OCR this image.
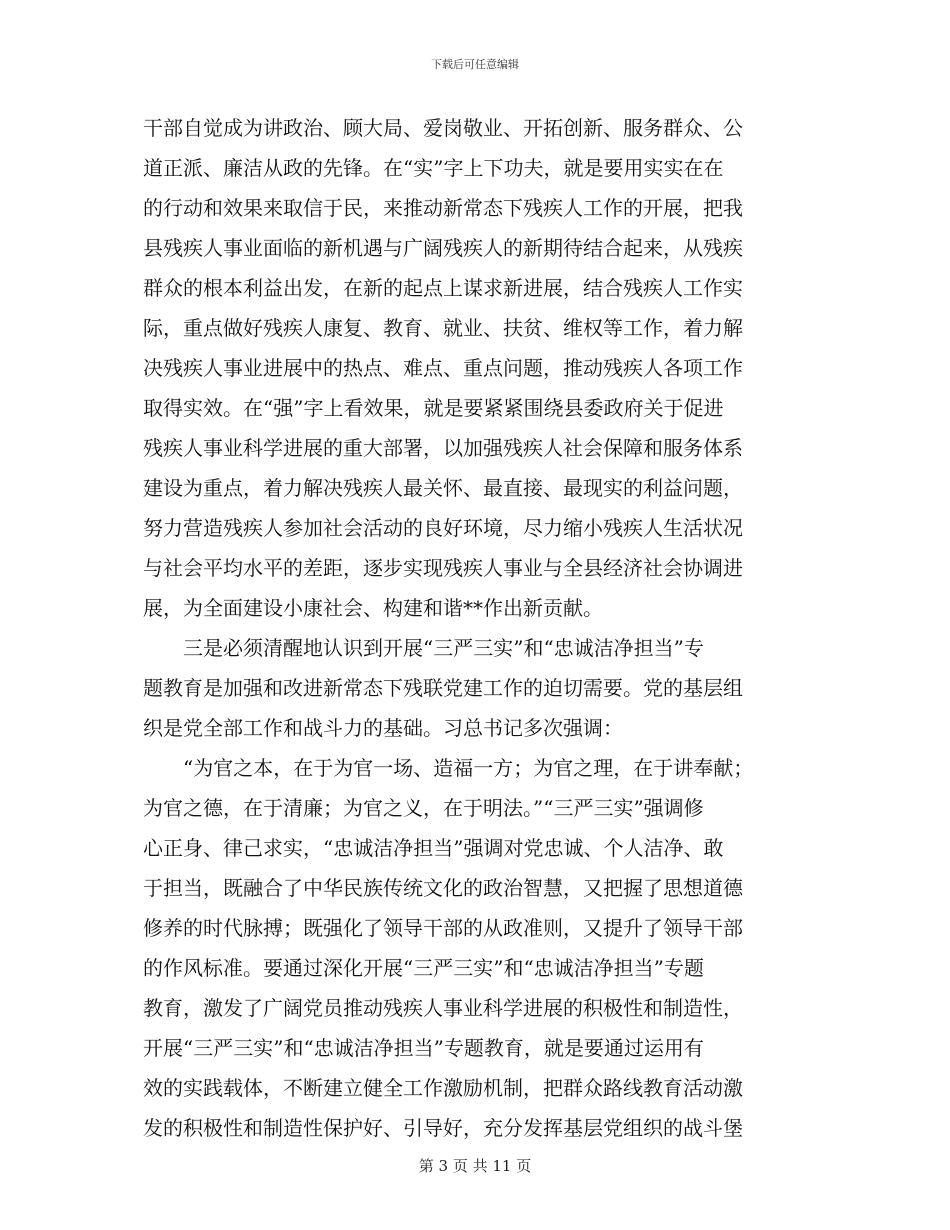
下载后可任意编辑
干部自觉成为讲政治、顾大局、爱岗敬业、开拓创新、服务群众、公
道正派、廉洁从政的先锋。在“实”字上下功夫，就是要用实实在在
的行动和效果来取信于民，来推动新常态下残疾人工作的开展，把我
县残疾人事业面临的新机遇与广阔残疾人的新期待结合起来，从残疾
群众的根本利益出发，在新的起点上谋求新进展，结合残疾人工作实
际，重点做好残疾人康复、教育、就业、扶贫、维权等工作，着力解
决残疾人事业进展中的热点、难点、重点问题，推动残疾人各项工作
取得实效。在“强”字上看效果，就是要紧紧围绕县委政府关于促进
残疾人事业科学进展的重大部署，以加强残疾人社会保障和服务体系
建设为重点，着力解决残疾人最关怀、最直接、最现实的利益问题，
努力营造残疾人参加社会活动的良好环境，尽力缩小残疾人生活状况
与社会平均水平的差距，逐步实现残疾人事业与全县经济社会协调进
展，为全面建设小康社会、构建和谐**作出新贡献。
　　三是必须清醒地认识到开展“三严三实”和“忠诚洁净担当”专
题教育是加强和改进新常态下残联党建工作的迫切需要。党的基层组
织是党全部工作和战斗力的基础。习总书记多次强调：
　　“为官之本，在于为官一场、造福一方；为官之理，在于讲奉献；
为官之德，在于清廉；为官之义，在于明法。”“三严三实”强调修
心正身、律己求实，“忠诚洁净担当”强调对党忠诚、个人洁净、敢
于担当，既融合了中华民族传统文化的政治智慧，又把握了思想道德
修养的时代脉搏；既强化了领导干部的从政准则，又提升了领导干部
的作风标准。要通过深化开展“三严三实”和“忠诚洁净担当”专题
教育，激发了广阔党员推动残疾人事业科学进展的积极性和制造性，
开展“三严三实”和“忠诚洁净担当”专题教育，就是要通过运用有
效的实践载体，不断建立健全工作激励机制，把群众路线教育活动激
发的积极性和制造性保护好、引导好，充分发挥基层党组织的战斗堡
第 3 页 共 11 页
